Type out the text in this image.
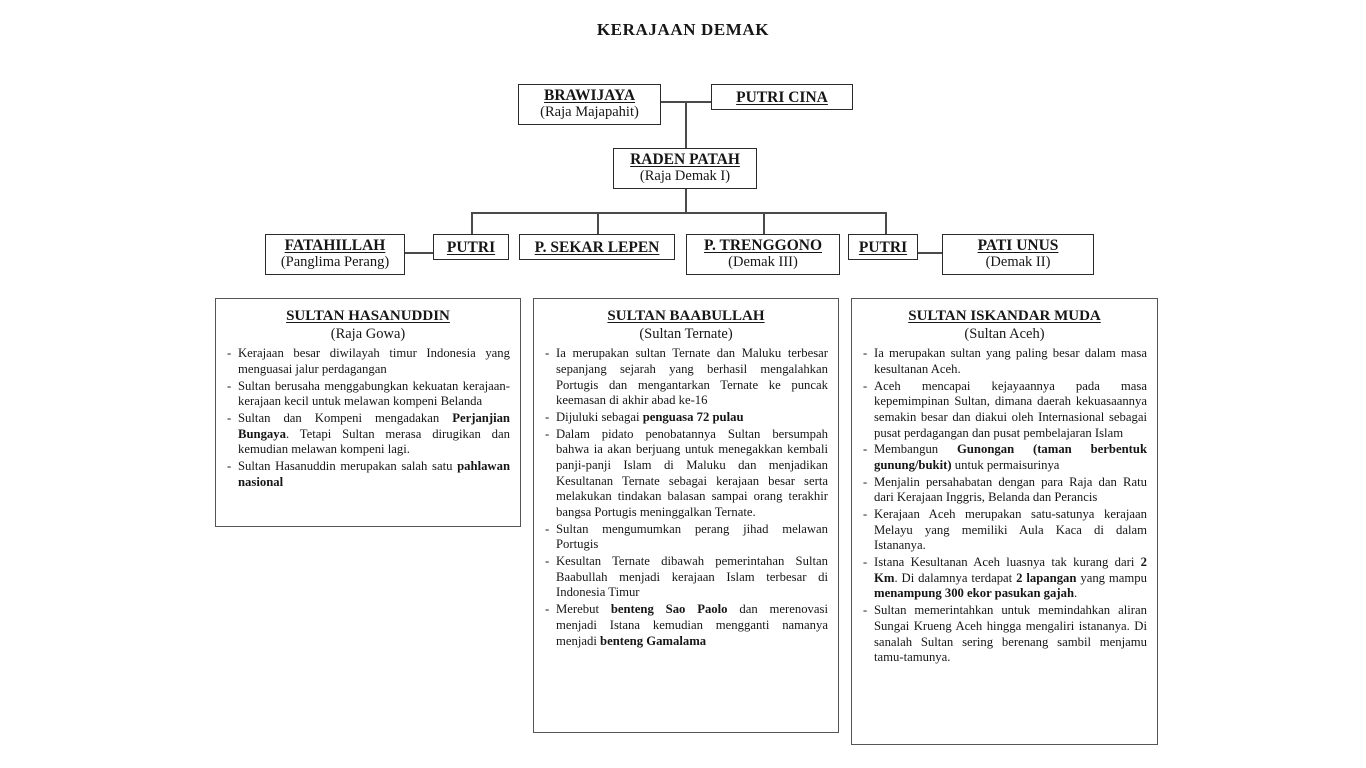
KERAJAAN DEMAK
BRAWIJAYA
(Raja Majapahit)
PUTRI CINA
RADEN PATAH
(Raja Demak I)
FATAHILLAH
(Panglima Perang)
PUTRI	P. SEKAR LEPEN	P. TRENGGONO
(Demak III)
PUTRI	PATI UNUS
(Demak II)
SULTAN HASANUDDIN
(Raja Gowa)
- Kerajaan besar diwilayah timur Indonesia yang menguasai jalur perdagangan
- Sultan berusaha menggabungkan kekuatan kerajaan-kerajaan kecil untuk melawan kompeni Belanda
- Sultan dan Kompeni mengadakan Perjanjian Bungaya. Tetapi Sultan merasa dirugikan dan kemudian melawan kompeni lagi.
- Sultan Hasanuddin merupakan salah satu pahlawan nasional
SULTAN BAABULLAH
(Sultan Ternate)
- Ia merupakan sultan Ternate dan Maluku terbesar sepanjang sejarah yang berhasil mengalahkan Portugis dan mengantarkan Ternate ke puncak keemasan di akhir abad ke-16
- Dijuluki sebagai penguasa 72 pulau
- Dalam pidato penobatannya Sultan bersumpah bahwa ia akan berjuang untuk menegakkan kembali panji-panji Islam di Maluku dan menjadikan Kesultanan Ternate sebagai kerajaan besar serta melakukan tindakan balasan sampai orang terakhir bangsa Portugis meninggalkan Ternate.
- Sultan mengumumkan perang jihad melawan Portugis
- Kesultan Ternate dibawah pemerintahan Sultan Baabullah menjadi kerajaan Islam terbesar di Indonesia Timur
- Merebut benteng Sao Paolo dan merenovasi menjadi Istana kemudian mengganti namanya menjadi benteng Gamalama
SULTAN ISKANDAR MUDA
(Sultan Aceh)
- Ia merupakan sultan yang paling besar dalam masa kesultanan Aceh.
- Aceh mencapai kejayaannya pada masa kepemimpinan Sultan, dimana daerah kekuasaannya semakin besar dan diakui oleh Internasional sebagai pusat perdagangan dan pusat pembelajaran Islam
- Membangun Gunongan (taman berbentuk gunung/bukit) untuk permaisurinya
- Menjalin persahabatan dengan para Raja dan Ratu dari Kerajaan Inggris, Belanda dan Perancis
- Kerajaan Aceh merupakan satu-satunya kerajaan Melayu yang memiliki Aula Kaca di dalam Istananya.
- Istana Kesultanan Aceh luasnya tak kurang dari 2 Km. Di dalamnya terdapat 2 lapangan yang mampu menampung 300 ekor pasukan gajah.
- Sultan memerintahkan untuk memindahkan aliran Sungai Krueng Aceh hingga mengaliri istananya. Di sanalah Sultan sering berenang sambil menjamu tamu-tamunya.
